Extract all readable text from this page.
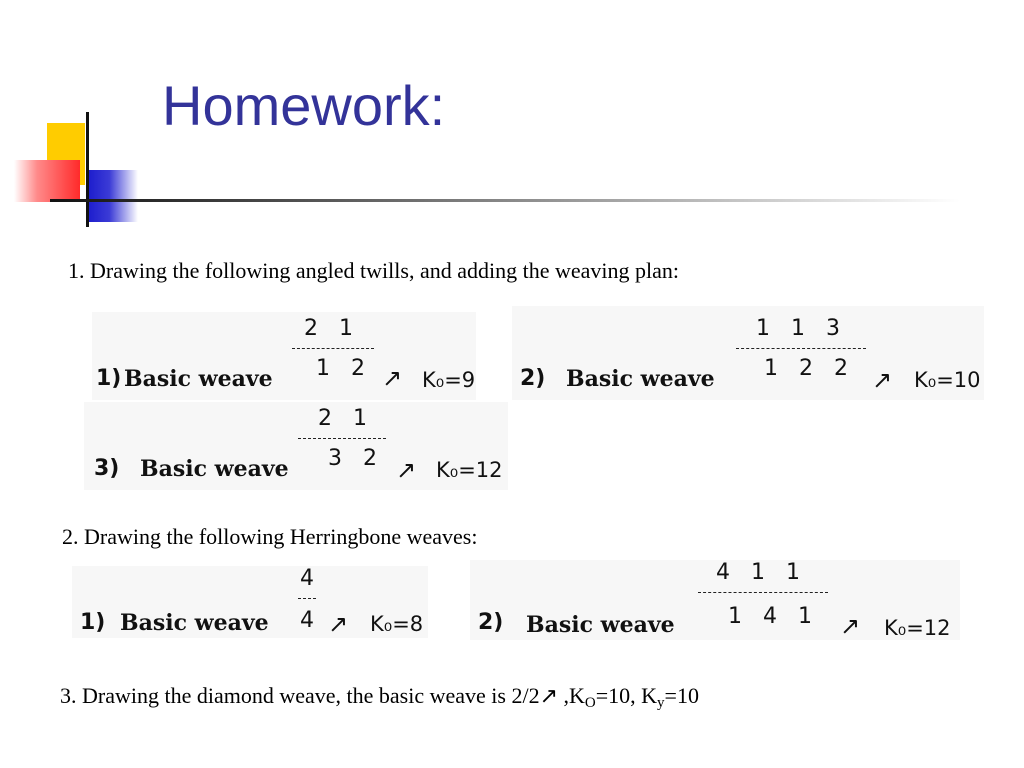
Homework:
1. Drawing the following angled twills, and adding the weaving plan:
1) Basic weave
2 1
1 2 ↗ K₀=9 2) Basic weave
1 1 3
1 2 2 ↗ K₀=10
3) Basic weave
2 1
3 2 ↗ K₀=12
2. Drawing the following Herringbone weaves:
1) Basic weave
4
4 ↗ K₀=8 2) Basic weave
4 1 1
1 4 1 ↗ K₀=12
3. Drawing the diamond weave, the basic weave is 2/2↗ $,K_O=10$, $K_y=10$
